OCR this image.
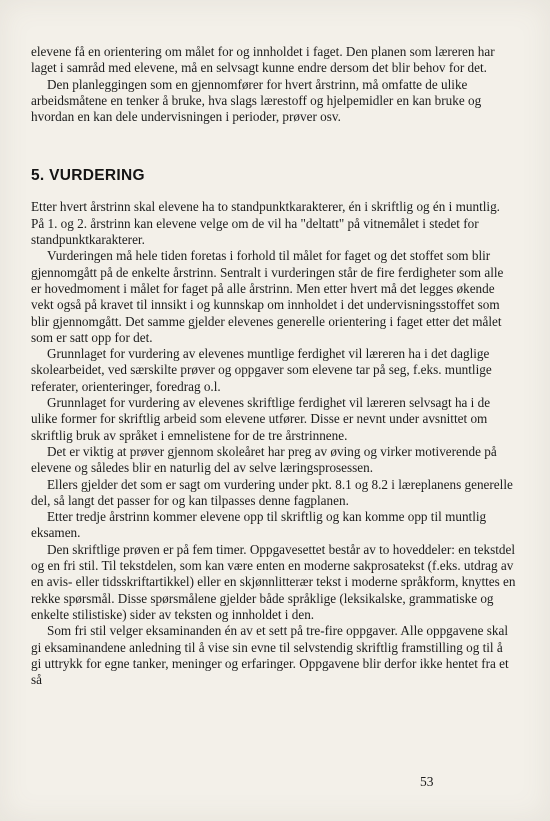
elevene få en orientering om målet for og innholdet i faget. Den planen som læreren har laget i samråd med elevene, må en selvsagt kunne endre dersom det blir behov for det.

Den planleggingen som en gjennomfører for hvert årstrinn, må omfatte de ulike arbeidsmåtene en tenker å bruke, hva slags lærestoff og hjelpemidler en kan bruke og hvordan en kan dele undervisningen i perioder, prøver osv.

5. VURDERING

Etter hvert årstrinn skal elevene ha to standpunktkarakterer, én i skriftlig og én i muntlig. På 1. og 2. årstrinn kan elevene velge om de vil ha "deltatt" på vitnemålet i stedet for standpunktkarakterer.

Vurderingen må hele tiden foretas i forhold til målet for faget og det stoffet som blir gjennomgått på de enkelte årstrinn. Sentralt i vurderingen står de fire ferdigheter som alle er hovedmoment i målet for faget på alle årstrinn. Men etter hvert må det legges økende vekt også på kravet til innsikt i og kunnskap om innholdet i det undervisningsstoffet som blir gjennomgått. Det samme gjelder elevenes generelle orientering i faget etter det målet som er satt opp for det.

Grunnlaget for vurdering av elevenes muntlige ferdighet vil læreren ha i det daglige skolearbeidet, ved særskilte prøver og oppgaver som elevene tar på seg, f.eks. muntlige referater, orienteringer, foredrag o.l.

Grunnlaget for vurdering av elevenes skriftlige ferdighet vil læreren selvsagt ha i de ulike former for skriftlig arbeid som elevene utfører. Disse er nevnt under avsnittet om skriftlig bruk av språket i emnelistene for de tre årstrinnene.

Det er viktig at prøver gjennom skoleåret har preg av øving og virker motiverende på elevene og således blir en naturlig del av selve læringsprosessen.

Ellers gjelder det som er sagt om vurdering under pkt. 8.1 og 8.2 i læreplanens generelle del, så langt det passer for og kan tilpasses denne fagplanen.

Etter tredje årstrinn kommer elevene opp til skriftlig og kan komme opp til muntlig eksamen.

Den skriftlige prøven er på fem timer. Oppgavesettet består av to hoveddeler: en tekstdel og en fri stil. Til tekstdelen, som kan være enten en moderne sakprosatekst (f.eks. utdrag av en avis- eller tidsskriftartikkel) eller en skjønnlitterær tekst i moderne språkform, knyttes en rekke spørsmål. Disse spørsmålene gjelder både språklige (leksikalske, grammatiske og enkelte stilistiske) sider av teksten og innholdet i den.

Som fri stil velger eksaminanden én av et sett på tre-fire oppgaver. Alle oppgavene skal gi eksaminandene anledning til å vise sin evne til selvstendig skriftlig framstilling og til å gi uttrykk for egne tanker, meninger og erfaringer. Oppgavene blir derfor ikke hentet fra et så

53
